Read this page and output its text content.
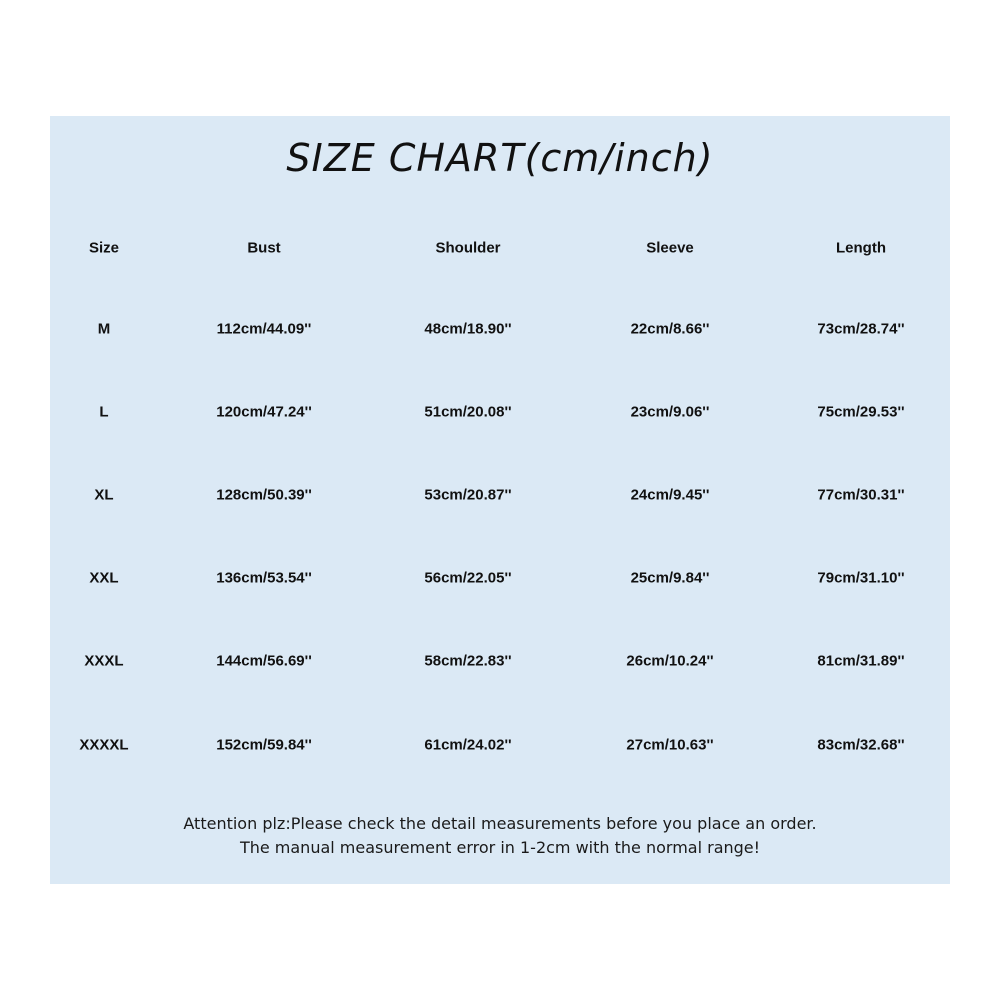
SIZE CHART(cm/inch)
Size	Bust	Shoulder	Sleeve	Length
M	112cm/44.09''	48cm/18.90''	22cm/8.66''	73cm/28.74''
L	120cm/47.24''	51cm/20.08''	23cm/9.06''	75cm/29.53''
XL	128cm/50.39''	53cm/20.87''	24cm/9.45''	77cm/30.31''
XXL	136cm/53.54''	56cm/22.05''	25cm/9.84''	79cm/31.10''
XXXL	144cm/56.69''	58cm/22.83''	26cm/10.24''	81cm/31.89''
XXXXL	152cm/59.84''	61cm/24.02''	27cm/10.63''	83cm/32.68''
Attention plz:Please check the detail measurements before you place an order.
The manual measurement error in 1-2cm with the normal range!
